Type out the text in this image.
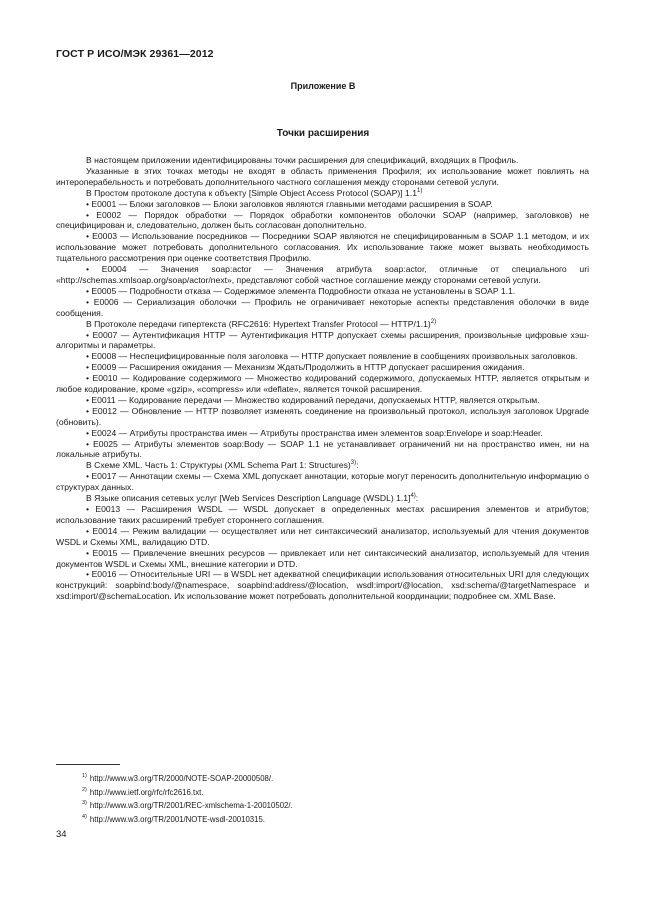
ГОСТ Р ИСО/МЭК 29361—2012
Приложение В
Точки расширения

В настоящем приложении идентифицированы точки расширения для спецификаций, входящих в Профиль.

Указанные в этих точках методы не входят в область применения Профиля; их использование может повлиять на интероперабельность и потребовать дополнительного частного соглашения между сторонами сетевой услуги.

В Простом протоколе доступа к объекту [Simple Object Access Protocol (SOAP)] 1.1$^{1)}$

• E0001 — Блоки заголовков — Блоки заголовков являются главными методами расширения в SOAP.

• E0002 — Порядок обработки — Порядок обработки компонентов оболочки SOAP (например, заголовков) не специфицирован и, следовательно, должен быть согласован дополнительно.

• E0003 — Использование посредников — Посредники SOAP являются не специфицированным в SOAP 1.1 методом, и их использование может потребовать дополнительного согласования. Их использование также может вызвать необходимость тщательного рассмотрения при оценке соответствия Профилю.

• E0004 — Значения soap:actor — Значения атрибута soap:actor, отличные от специального uri «http://schemas.xmlsoap.org/soap/actor/next», представляют собой частное соглашение между сторонами сетевой услуги.

• E0005 — Подробности отказа — Содержимое элемента Подробности отказа не установлены в SOAP 1.1.

• E0006 — Сериализация оболочки — Профиль не ограничивает некоторые аспекты представления оболочки в виде сообщения.

В Протоколе передачи гипертекста (RFC2616: Hypertext Transfer Protocol — HTTP/1.1)$^{2)}$

• E0007 — Аутентификация HTTP — Аутентификация HTTP допускает схемы расширения, произвольные цифровые хэш-алгоритмы и параметры.

• E0008 — Неспецифицированные поля заголовка — HTTP допускает появление в сообщениях произвольных заголовков.

• E0009 — Расширения ожидания — Механизм Ждать/Продолжить в HTTP допускает расширения ожидания.

• E0010 — Кодирование содержимого — Множество кодирований содержимого, допускаемых HTTP, является открытым и любое кодирование, кроме «gzip», «compress» или «deflate», является точкой расширения.

• E0011 — Кодирование передачи — Множество кодирований передачи, допускаемых HTTP, является открытым.

• E0012 — Обновление — HTTP позволяет изменять соединение на произвольный протокол, используя заголовок Upgrade (обновить).

• E0024 — Атрибуты пространства имен — Атрибуты пространства имен элементов soap:Envelope и soap:Header.

• E0025 — Атрибуты элементов soap:Body — SOAP 1.1 не устанавливает ограничений ни на пространство имен, ни на локальные атрибуты.

В Схеме XML. Часть 1: Структуры (XML Schema Part 1: Structures)$^{3)}$:

• E0017 — Аннотации схемы — Схема XML допускает аннотации, которые могут переносить дополнительную информацию о структурах данных.

В Языке описания сетевых услуг [Web Services Description Language (WSDL) 1.1]$^{4)}$:

• E0013 — Расширения WSDL — WSDL допускает в определенных местах расширения элементов и атрибутов; использование таких расширений требует стороннего соглашения.

• E0014 — Режим валидации — осуществляет или нет синтаксический анализатор, используемый для чтения документов WSDL и Схемы XML, валидацию DTD.

• E0015 — Привлечение внешних ресурсов — привлекает или нет синтаксический анализатор, используемый для чтения документов WSDL и Схемы XML, внешние категории и DTD.

• E0016 — Относительные URI — в WSDL нет адекватной спецификации использования относительных URI для следующих конструкций: soapbind:body/@namespace, soapbind:address/@location, wsdl:import/@location, xsd:schema/@targetNamespace и xsd:import/@schemaLocation. Их использование может потребовать дополнительной координации; подробнее см. XML Base.

$^{1)}$ http://www.w3.org/TR/2000/NOTE-SOAP-20000508/.
$^{2)}$ http://www.ietf.org/rfc/rfc2616.txt.
$^{3)}$ http://www.w3.org/TR/2001/REC-xmlschema-1-20010502/.
$^{4)}$ http://www.w3.org/TR/2001/NOTE-wsdl-20010315.
34
